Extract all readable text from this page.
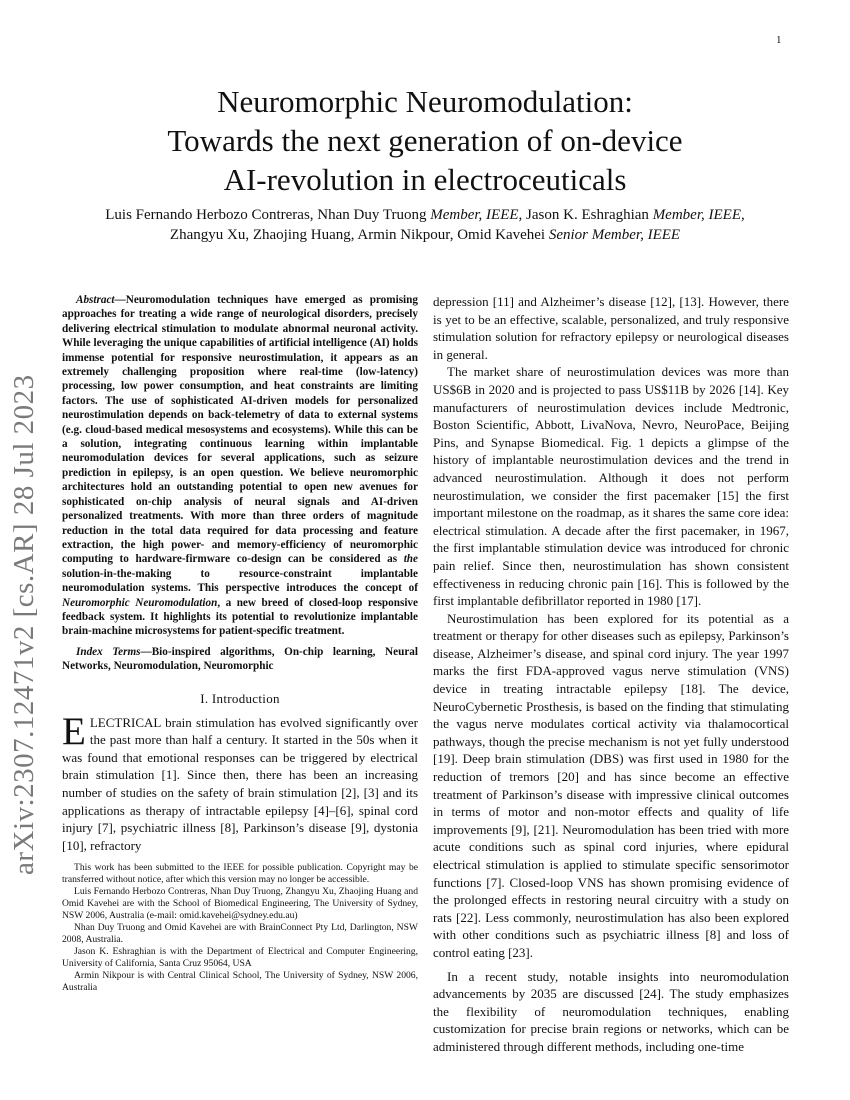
1
arXiv:2307.12471v2 [cs.AR] 28 Jul 2023
Neuromorphic Neuromodulation:
Towards the next generation of on-device
AI-revolution in electroceuticals
Luis Fernando Herbozo Contreras, Nhan Duy Truong Member, IEEE, Jason K. Eshraghian Member, IEEE,
Zhangyu Xu, Zhaojing Huang, Armin Nikpour, Omid Kavehei Senior Member, IEEE

Abstract—Neuromodulation techniques have emerged as promising approaches for treating a wide range of neurological disorders, precisely delivering electrical stimulation to modulate abnormal neuronal activity. While leveraging the unique capabilities of artificial intelligence (AI) holds immense potential for responsive neurostimulation, it appears as an extremely challenging proposition where real-time (low-latency) processing, low power consumption, and heat constraints are limiting factors. The use of sophisticated AI-driven models for personalized neurostimulation depends on back-telemetry of data to external systems (e.g. cloud-based medical mesosystems and ecosystems). While this can be a solution, integrating continuous learning within implantable neuromodulation devices for several applications, such as seizure prediction in epilepsy, is an open question. We believe neuromorphic architectures hold an outstanding potential to open new avenues for sophisticated on-chip analysis of neural signals and AI-driven personalized treatments. With more than three orders of magnitude reduction in the total data required for data processing and feature extraction, the high power- and memory-efficiency of neuromorphic computing to hardware-firmware co-design can be considered as the solution-in-the-making to resource-constraint implantable neuromodulation systems. This perspective introduces the concept of Neuromorphic Neuromodulation, a new breed of closed-loop responsive feedback system. It highlights its potential to revolutionize implantable brain-machine microsystems for patient-specific treatment.

Index Terms—Bio-inspired algorithms, On-chip learning, Neural Networks, Neuromodulation, Neuromorphic

I. Introduction

ELECTRICAL brain stimulation has evolved significantly over the past more than half a century. It started in the 50s when it was found that emotional responses can be triggered by electrical brain stimulation [1]. Since then, there has been an increasing number of studies on the safety of brain stimulation [2], [3] and its applications as therapy of intractable epilepsy [4]–[6], spinal cord injury [7], psychiatric illness [8], Parkinson’s disease [9], dystonia [10], refractory

This work has been submitted to the IEEE for possible publication. Copyright may be transferred without notice, after which this version may no longer be accessible.

Luis Fernando Herbozo Contreras, Nhan Duy Truong, Zhangyu Xu, Zhaojing Huang and Omid Kavehei are with the School of Biomedical Engineering, The University of Sydney, NSW 2006, Australia (e-mail: omid.kavehei@sydney.edu.au)

Nhan Duy Truong and Omid Kavehei are with BrainConnect Pty Ltd, Darlington, NSW 2008, Australia.

Jason K. Eshraghian is with the Department of Electrical and Computer Engineering, University of California, Santa Cruz 95064, USA

Armin Nikpour is with Central Clinical School, The University of Sydney, NSW 2006, Australia

depression [11] and Alzheimer’s disease [12], [13]. However, there is yet to be an effective, scalable, personalized, and truly responsive stimulation solution for refractory epilepsy or neurological diseases in general.

The market share of neurostimulation devices was more than US$6B in 2020 and is projected to pass US$11B by 2026 [14]. Key manufacturers of neurostimulation devices include Medtronic, Boston Scientific, Abbott, LivaNova, Nevro, NeuroPace, Beijing Pins, and Synapse Biomedical. Fig. 1 depicts a glimpse of the history of implantable neurostimulation devices and the trend in advanced neurostimulation. Although it does not perform neurostimulation, we consider the first pacemaker [15] the first important milestone on the roadmap, as it shares the same core idea: electrical stimulation. A decade after the first pacemaker, in 1967, the first implantable stimulation device was introduced for chronic pain relief. Since then, neurostimulation has shown consistent effectiveness in reducing chronic pain [16]. This is followed by the first implantable defibrillator reported in 1980 [17].

Neurostimulation has been explored for its potential as a treatment or therapy for other diseases such as epilepsy, Parkinson’s disease, Alzheimer’s disease, and spinal cord injury. The year 1997 marks the first FDA-approved vagus nerve stimulation (VNS) device in treating intractable epilepsy [18]. The device, NeuroCybernetic Prosthesis, is based on the finding that stimulating the vagus nerve modulates cortical activity via thalamocortical pathways, though the precise mechanism is not yet fully understood [19]. Deep brain stimulation (DBS) was first used in 1980 for the reduction of tremors [20] and has since become an effective treatment of Parkinson’s disease with impressive clinical outcomes in terms of motor and non-motor effects and quality of life improvements [9], [21]. Neuromodulation has been tried with more acute conditions such as spinal cord injuries, where epidural electrical stimulation is applied to stimulate specific sensorimotor functions [7]. Closed-loop VNS has shown promising evidence of the prolonged effects in restoring neural circuitry with a study on rats [22]. Less commonly, neurostimulation has also been explored with other conditions such as psychiatric illness [8] and loss of control eating [23].

In a recent study, notable insights into neuromodulation advancements by 2035 are discussed [24]. The study emphasizes the flexibility of neuromodulation techniques, enabling customization for precise brain regions or networks, which can be administered through different methods, including one-time
